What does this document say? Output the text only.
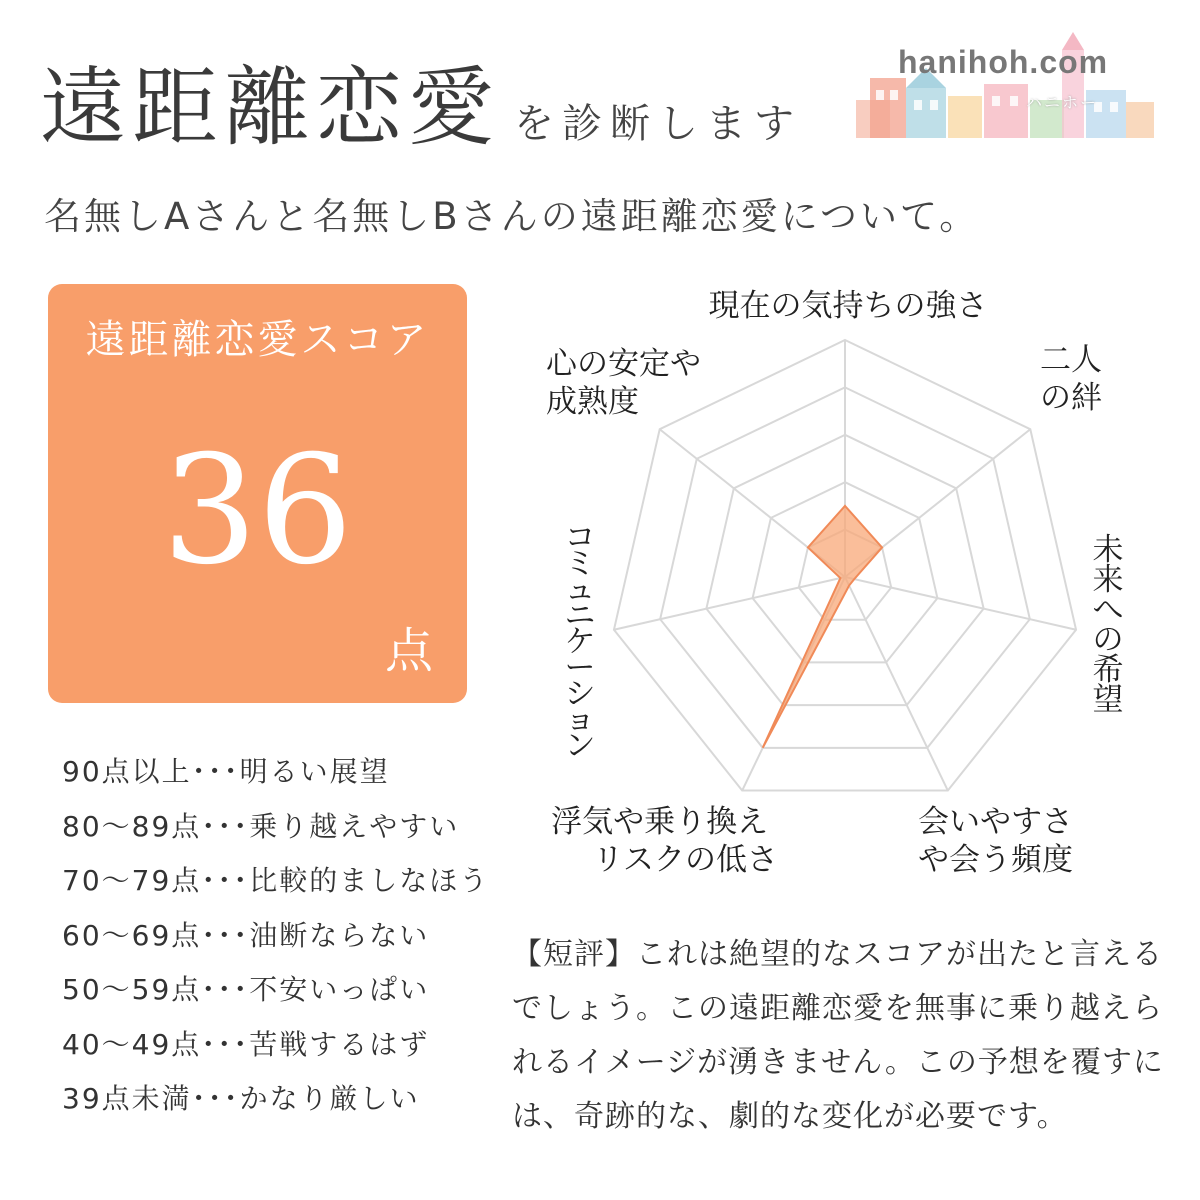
遠距離恋愛 を診断します
hanihoh.com
ハニホー
名無しAさんと名無しBさんの遠距離恋愛について。
遠距離恋愛スコア
36
点
90点以上･･･明るい展望
80〜89点･･･乗り越えやすい
70〜79点･･･比較的ましなほう
60〜69点･･･油断ならない
50〜59点･･･不安いっぱい
40〜49点･･･苦戦するはず
39点未満･･･かなり厳しい
現在の気持ちの強さ
二人 の絆
未来への希望
会いやすさ や会う頻度
浮気や乗り換え リスクの低さ
コミュニケーション
心の安定や 成熟度
【短評】これは絶望的なスコアが出たと言えるでしょう。この遠距離恋愛を無事に乗り越えられるイメージが湧きません。この予想を覆すには、奇跡的な、劇的な変化が必要です。
